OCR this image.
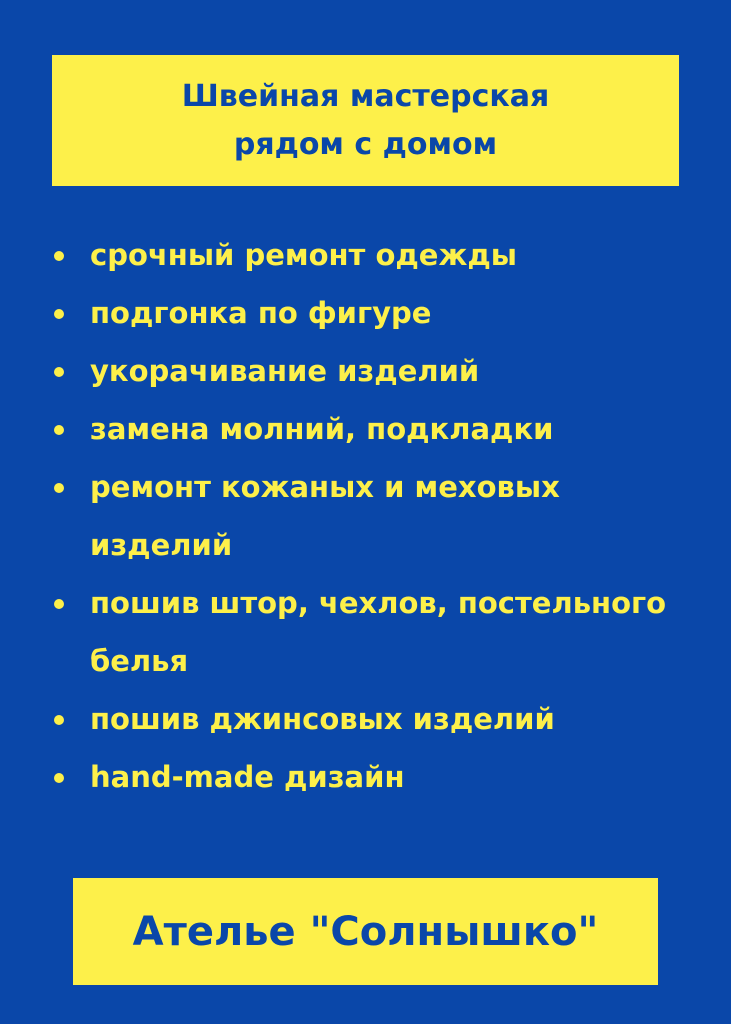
Швейная мастерская
рядом с домом
срочный ремонт одежды
подгонка по фигуре
укорачивание изделий
замена молний, подкладки
ремонт кожаных и меховых
изделий
пошив штор, чехлов, постельного
белья
пошив джинсовых изделий
hand-made дизайн
Ателье "Солнышко"
